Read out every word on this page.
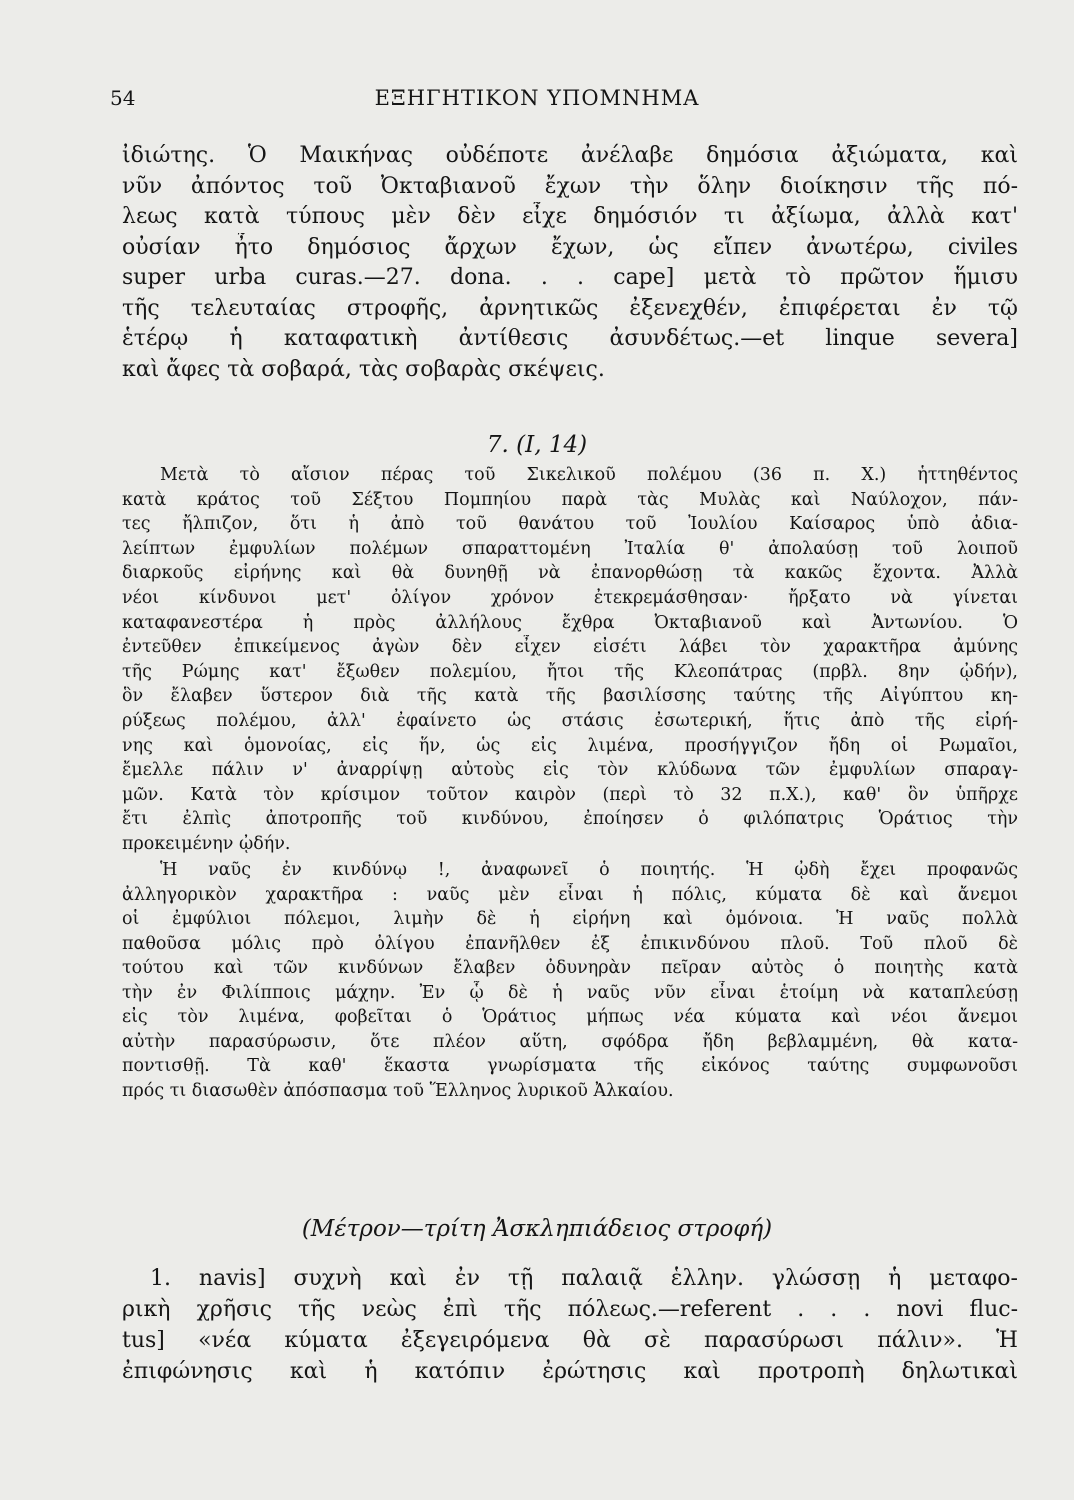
54	ΕΞΗΓΗΤΙΚΟΝ ΥΠΟΜΝΗΜΑ
ἰδιώτης. Ὁ Μαικήνας οὐδέποτε ἀνέλαβε δημόσια ἀξιώματα, καὶ
νῦν ἀπόντος τοῦ Ὀκταβιανοῦ ἔχων τὴν ὅλην διοίκησιν τῆς πό-
λεως κατὰ τύπους μὲν δὲν εἶχε δημόσιόν τι ἀξίωμα, ἀλλὰ κατ'
οὐσίαν ἦτο δημόσιος ἄρχων ἔχων, ὡς εἴπεν ἀνωτέρω, civiles
super urba curas.—27. dona. . . cape] μετὰ τὸ πρῶτον ἥμισυ
τῆς τελευταίας στροφῆς, ἀρνητικῶς ἐξενεχθέν, ἐπιφέρεται ἐν τῷ
ἑτέρῳ ἡ καταφατικὴ ἀντίθεσις ἀσυνδέτως.—et linque severa]
καὶ ἄφες τὰ σοβαρά, τὰς σοβαρὰς σκέψεις.
7. (I, 14)
Μετὰ τὸ αἴσιον πέρας τοῦ Σικελικοῦ πολέμου (36 π. Χ.) ἡττηθέντος
κατὰ κράτος τοῦ Σέξτου Πομπηίου παρὰ τὰς Μυλὰς καὶ Ναύλοχον, πάν-
τες ἤλπιζον, ὅτι ἡ ἀπὸ τοῦ θανάτου τοῦ Ἰουλίου Καίσαρος ὑπὸ ἀδια-
λείπτων ἐμφυλίων πολέμων σπαραττομένη Ἰταλία θ' ἀπολαύσῃ τοῦ λοιποῦ
διαρκοῦς εἰρήνης καὶ θὰ δυνηθῇ νὰ ἐπανορθώσῃ τὰ κακῶς ἔχοντα. Ἀλλὰ
νέοι κίνδυνοι μετ' ὀλίγον χρόνον ἐτεκρεμάσθησαν· ἤρξατο νὰ γίνεται
καταφανεστέρα ἡ πρὸς ἀλλήλους ἔχθρα Ὀκταβιανοῦ καὶ Ἀντωνίου. Ὁ
ἐντεῦθεν ἐπικείμενος ἀγὼν δὲν εἶχεν εἰσέτι λάβει τὸν χαρακτῆρα ἀμύνης
τῆς Ρώμης κατ' ἔξωθεν πολεμίου, ἤτοι τῆς Κλεοπάτρας (πρβλ. 8ην ᾠδήν),
ὃν ἔλαβεν ὕστερον διὰ τῆς κατὰ τῆς βασιλίσσης ταύτης τῆς Αἰγύπτου κη-
ρύξεως πολέμου, ἀλλ' ἐφαίνετο ὡς στάσις ἐσωτερική, ἥτις ἀπὸ τῆς εἰρή-
νης καὶ ὁμονοίας, εἰς ἥν, ὡς εἰς λιμένα, προσήγγιζον ἤδη οἱ Ρωμαῖοι,
ἔμελλε πάλιν ν' ἀναρρίψῃ αὐτοὺς εἰς τὸν κλύδωνα τῶν ἐμφυλίων σπαραγ-
μῶν. Κατὰ τὸν κρίσιμον τοῦτον καιρὸν (περὶ τὸ 32 π.Χ.), καθ' ὃν ὑπῆρχε
ἔτι ἐλπὶς ἀποτροπῆς τοῦ κινδύνου, ἐποίησεν ὁ φιλόπατρις Ὁράτιος τὴν
προκειμένην ᾠδήν.
Ἡ ναῦς ἐν κινδύνῳ !, ἀναφωνεῖ ὁ ποιητής. Ἡ ᾠδὴ ἔχει προφανῶς
ἀλληγορικὸν χαρακτῆρα : ναῦς μὲν εἶναι ἡ πόλις, κύματα δὲ καὶ ἄνεμοι
οἱ ἐμφύλιοι πόλεμοι, λιμὴν δὲ ἡ εἰρήνη καὶ ὁμόνοια. Ἡ ναῦς πολλὰ
παθοῦσα μόλις πρὸ ὀλίγου ἐπανῆλθεν ἐξ ἐπικινδύνου πλοῦ. Τοῦ πλοῦ δὲ
τούτου καὶ τῶν κινδύνων ἔλαβεν ὀδυνηρὰν πεῖραν αὐτὸς ὁ ποιητὴς κατὰ
τὴν ἐν Φιλίπποις μάχην. Ἐν ᾧ δὲ ἡ ναῦς νῦν εἶναι ἑτοίμη νὰ καταπλεύσῃ
εἰς τὸν λιμένα, φοβεῖται ὁ Ὁράτιος μήπως νέα κύματα καὶ νέοι ἄνεμοι
αὐτὴν παρασύρωσιν, ὅτε πλέον αὕτη, σφόδρα ἤδη βεβλαμμένη, θὰ κατα-
ποντισθῇ. Τὰ καθ' ἕκαστα γνωρίσματα τῆς εἰκόνος ταύτης συμφωνοῦσι
πρός τι διασωθὲν ἀπόσπασμα τοῦ Ἕλληνος λυρικοῦ Ἀλκαίου.
(Μέτρον—τρίτη Ἀσκληπιάδειος στροφή)
1. navis] συχνὴ καὶ ἐν τῇ παλαιᾷ ἑλλην. γλώσσῃ ἡ μεταφο-
ρικὴ χρῆσις τῆς νεὼς ἐπὶ τῆς πόλεως.—referent . . . novi fluc-
tus] «νέα κύματα ἐξεγειρόμενα θὰ σὲ παρασύρωσι πάλιν». Ἡ
ἐπιφώνησις καὶ ἡ κατόπιν ἐρώτησις καὶ προτροπὴ δηλωτικαὶ
